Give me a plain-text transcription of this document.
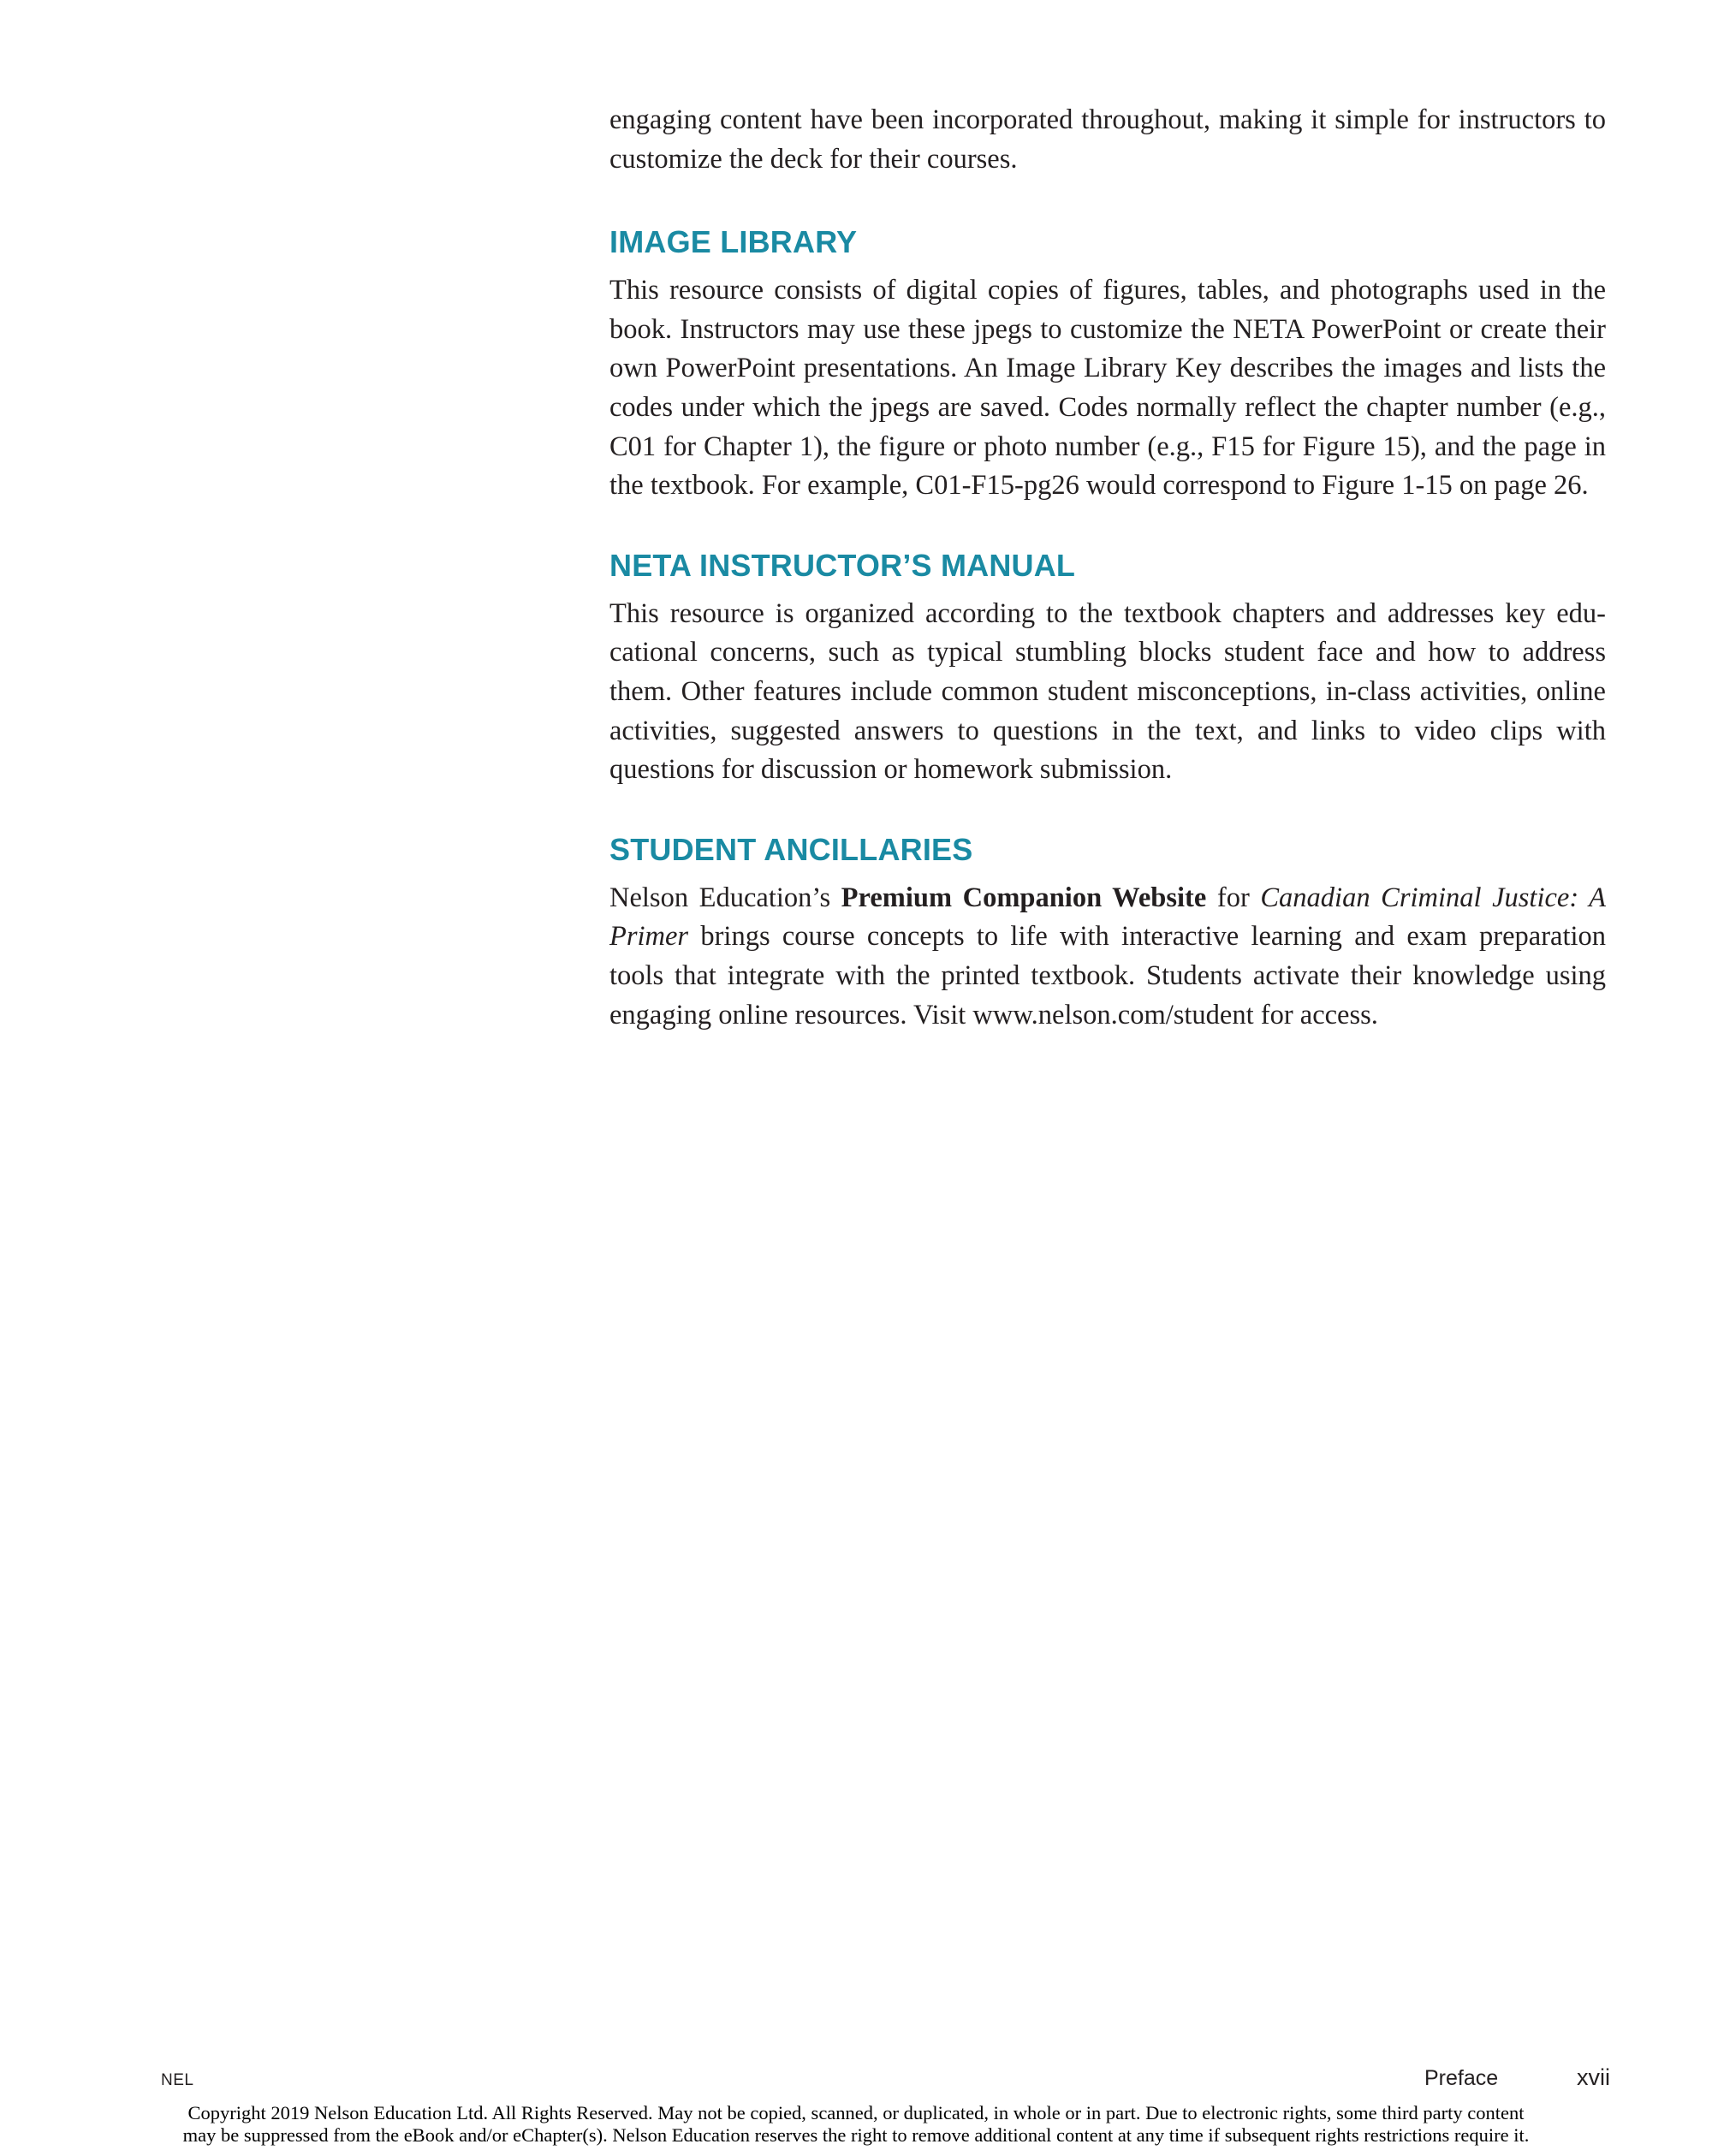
engaging content have been incorporated throughout, making it simple for instructors to customize the deck for their courses.

IMAGE LIBRARY

This resource consists of digital copies of figures, tables, and photographs used in the book. Instructors may use these jpegs to customize the NETA PowerPoint or create their own PowerPoint presentations. An Image Library Key describes the images and lists the codes under which the jpegs are saved. Codes normally reflect the chapter number (e.g., C01 for Chapter 1), the figure or photo number (e.g., F15 for Figure 15), and the page in the textbook. For example, C01-F15-pg26 would correspond to Figure 1-15 on page 26.

NETA INSTRUCTOR’S MANUAL

This resource is organized according to the textbook chapters and addresses key educational concerns, such as typical stumbling blocks student face and how to address them. Other features include common student misconceptions, in-class activities, online activities, suggested answers to questions in the text, and links to video clips with questions for discussion or homework submission.

STUDENT ANCILLARIES

Nelson Education’s Premium Companion Website for Canadian Criminal Justice: A Primer brings course concepts to life with interactive learning and exam preparation tools that integrate with the printed textbook. Students activate their knowledge using engaging online resources. Visit www.nelson.com/student for access.

NEL	Preface	xvii
Copyright 2019 Nelson Education Ltd. All Rights Reserved. May not be copied, scanned, or duplicated, in whole or in part. Due to electronic rights, some third party content
may be suppressed from the eBook and/or eChapter(s). Nelson Education reserves the right to remove additional content at any time if subsequent rights restrictions require it.
